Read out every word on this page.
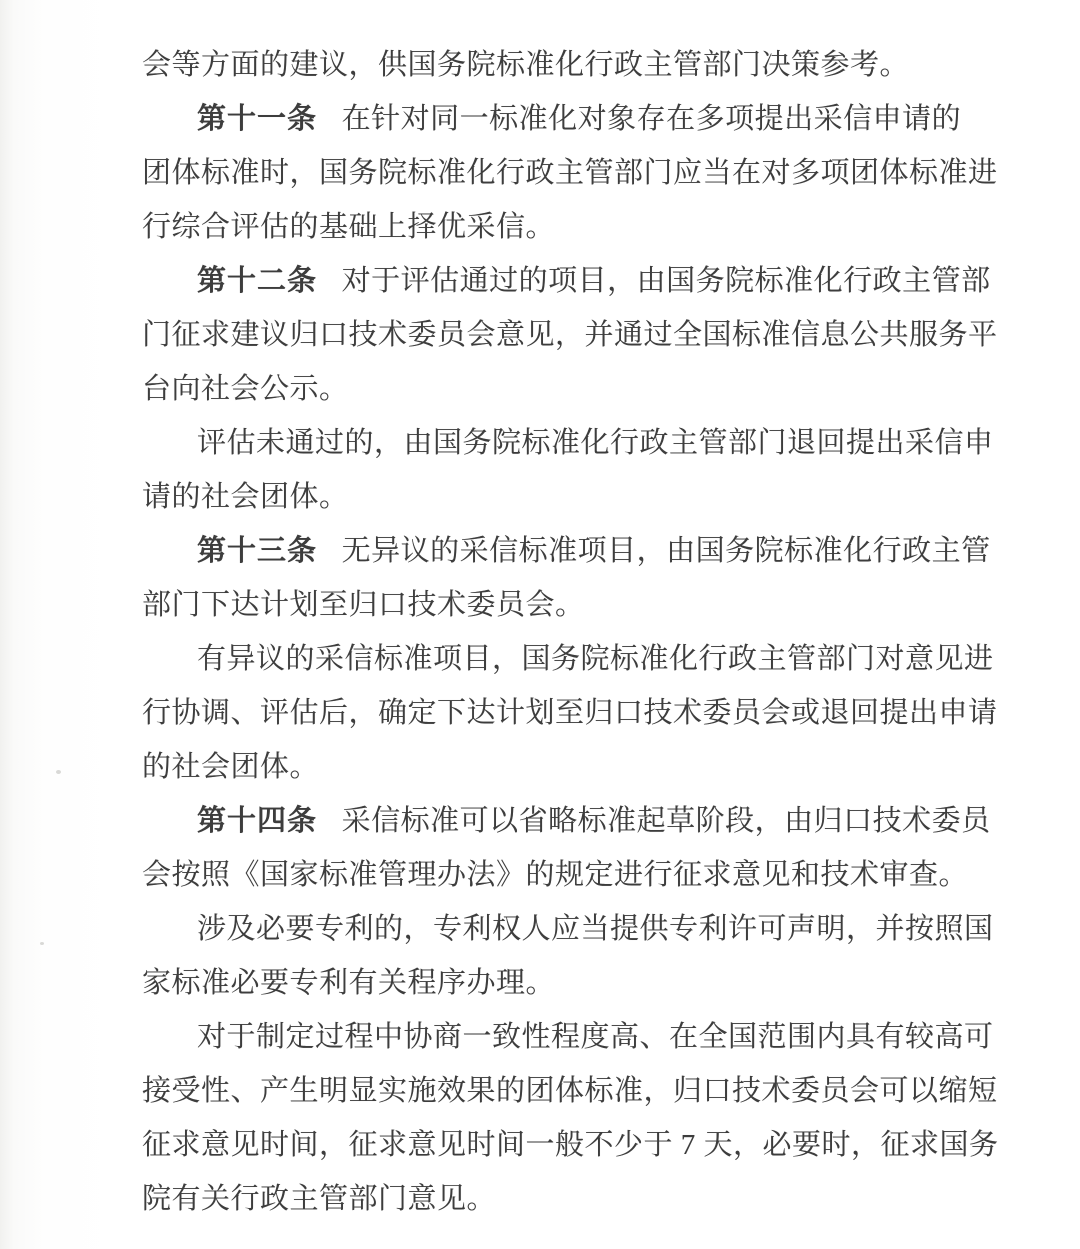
会等方面的建议，供国务院标准化行政主管部门决策参考。
第十一条 在针对同一标准化对象存在多项提出采信申请的
团体标准时，国务院标准化行政主管部门应当在对多项团体标准进
行综合评估的基础上择优采信。
第十二条 对于评估通过的项目，由国务院标准化行政主管部
门征求建议归口技术委员会意见，并通过全国标准信息公共服务平
台向社会公示。
评估未通过的，由国务院标准化行政主管部门退回提出采信申
请的社会团体。
第十三条 无异议的采信标准项目，由国务院标准化行政主管
部门下达计划至归口技术委员会。
有异议的采信标准项目，国务院标准化行政主管部门对意见进
行协调、评估后，确定下达计划至归口技术委员会或退回提出申请
的社会团体。
第十四条 采信标准可以省略标准起草阶段，由归口技术委员
会按照《国家标准管理办法》的规定进行征求意见和技术审查。
涉及必要专利的，专利权人应当提供专利许可声明，并按照国
家标准必要专利有关程序办理。
对于制定过程中协商一致性程度高、在全国范围内具有较高可
接受性、产生明显实施效果的团体标准，归口技术委员会可以缩短
征求意见时间，征求意见时间一般不少于 7 天，必要时，征求国务
院有关行政主管部门意见。
